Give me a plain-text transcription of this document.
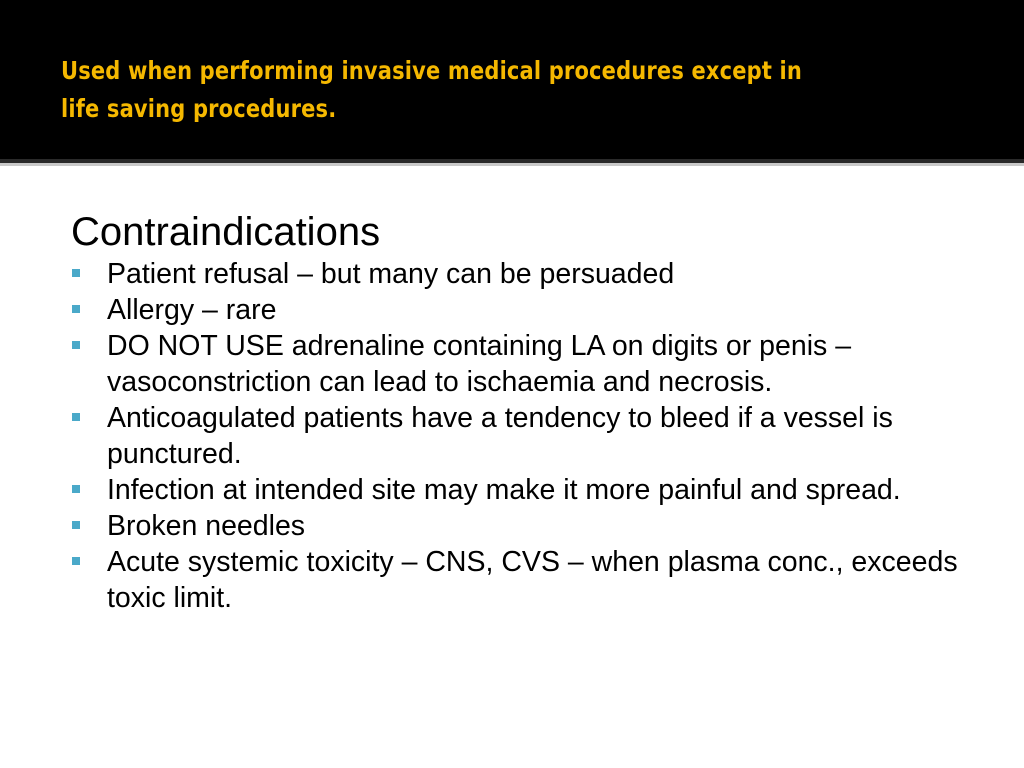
Used when performing invasive medical procedures except in life saving procedures.
Contraindications
Patient refusal – but many can be persuaded
Allergy – rare
DO NOT USE adrenaline containing LA on digits or penis – vasoconstriction can lead to ischaemia and necrosis.
Anticoagulated patients have a tendency to bleed if a vessel is punctured.
Infection at intended site may make it more painful and spread.
Broken needles
Acute systemic toxicity – CNS, CVS – when plasma conc., exceeds toxic limit.
